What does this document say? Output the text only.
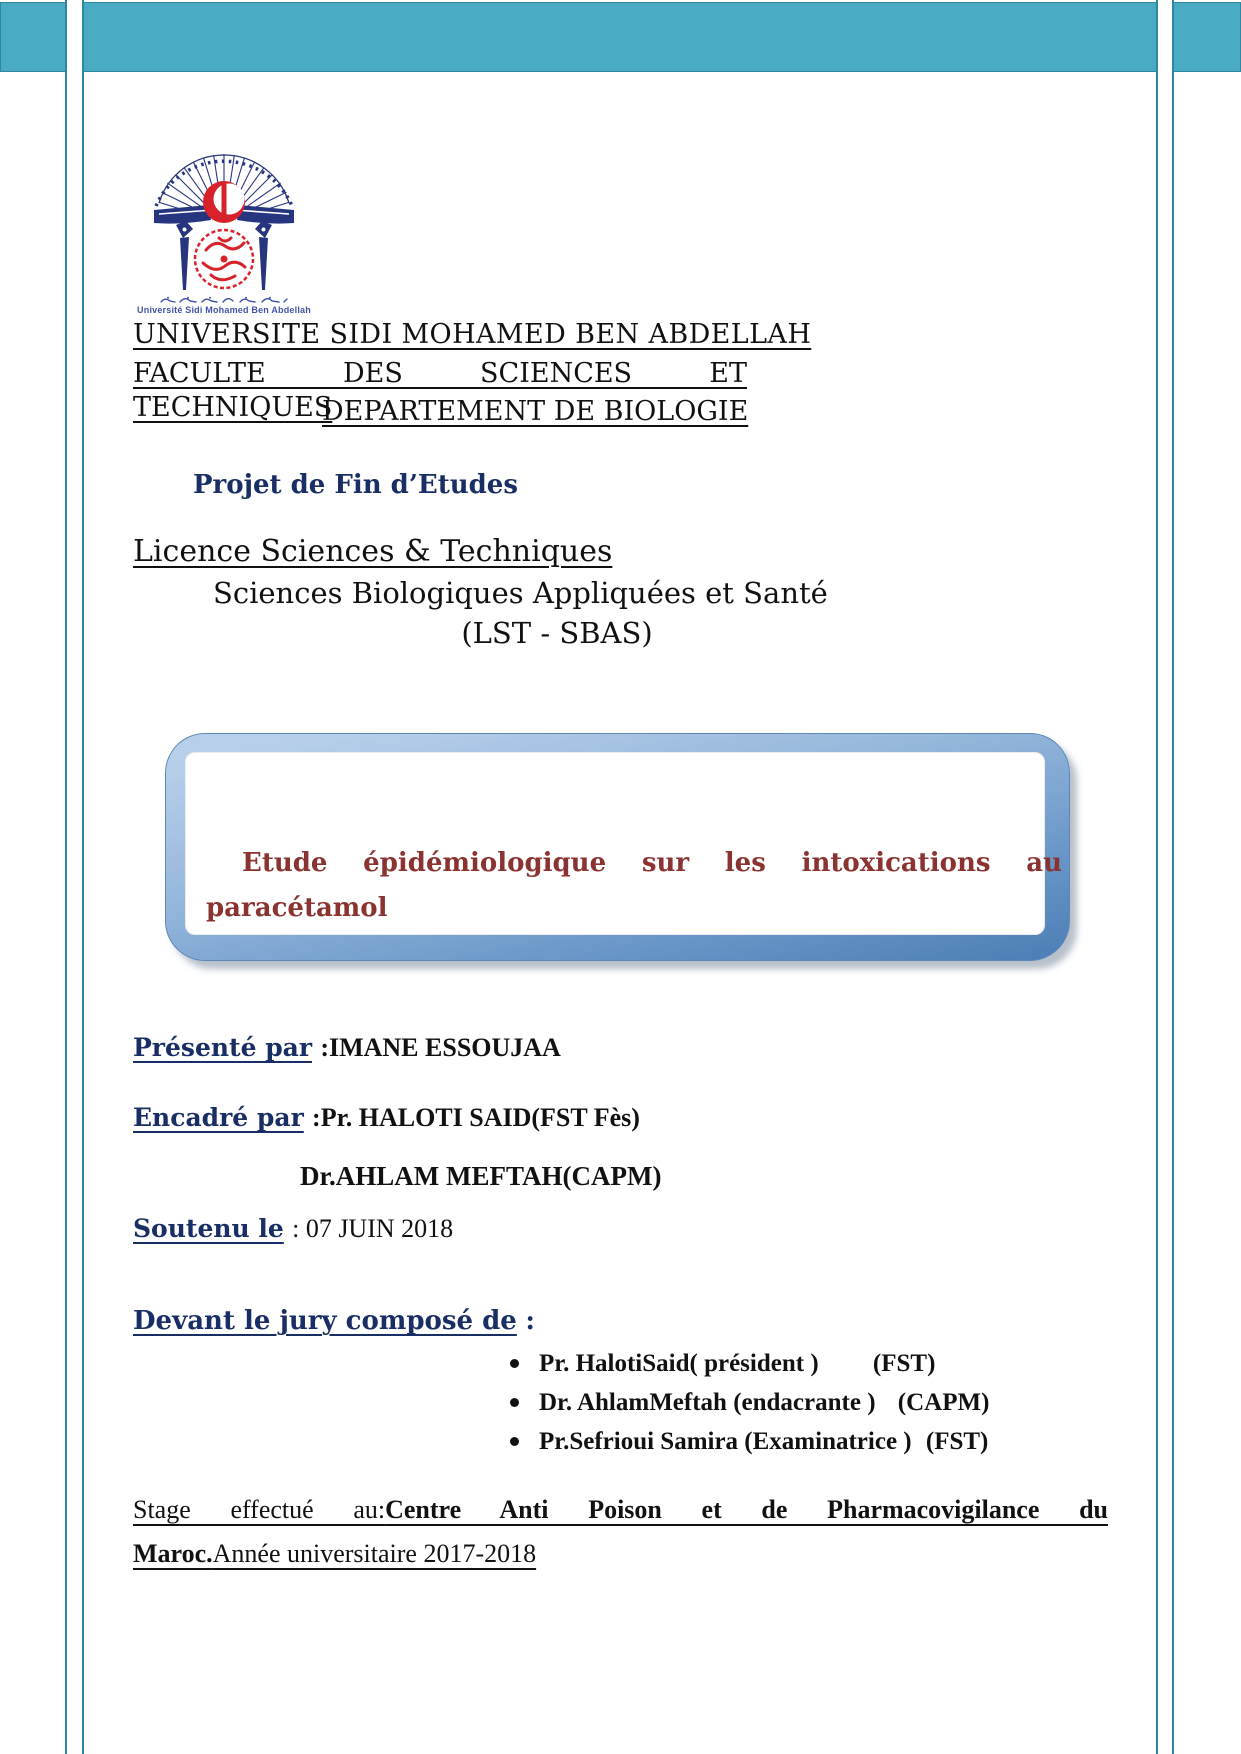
Université Sidi Mohamed Ben Abdellah
UNIVERSITE SIDI MOHAMED BEN ABDELLAH
FACULTE DES SCIENCES ET TECHNIQUES
DEPARTEMENT DE BIOLOGIE
Projet de Fin d’Etudes
Licence Sciences & Techniques
Sciences Biologiques Appliquées et Santé
(LST - SBAS)
Etude épidémiologique sur les intoxications au
paracétamol
Présenté par :IMANE ESSOUJAA
Encadré par :Pr. HALOTI SAID(FST Fès)
Dr.AHLAM MEFTAH(CAPM)
Soutenu le : 07 JUIN 2018
Devant le jury composé de :
Pr. HalotiSaid( président ) (FST)
Dr. AhlamMeftah (endacrante ) (CAPM)
Pr.Sefrioui Samira (Examinatrice ) (FST)
Stage effectué au:Centre Anti Poison et de Pharmacovigilance du
Maroc.Année universitaire 2017-2018
